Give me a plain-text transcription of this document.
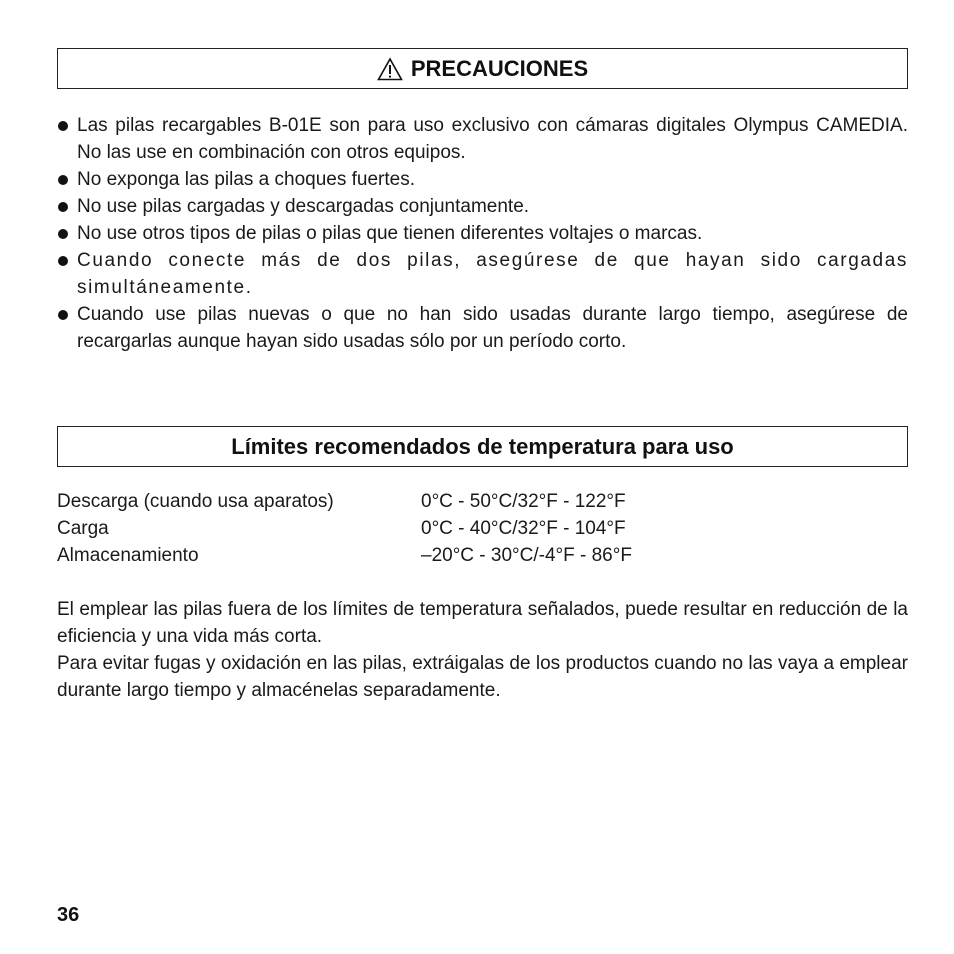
PRECAUCIONES
Las pilas recargables B-01E son para uso exclusivo con cámaras digitales Olympus CAMEDIA. No las use en combinación con otros equipos.
No exponga las pilas a choques fuertes.
No use pilas cargadas y descargadas conjuntamente.
No use otros tipos de pilas o pilas que tienen diferentes voltajes o marcas.
Cuando conecte más de dos pilas, asegúrese de que hayan sido cargadas simultáneamente.
Cuando use pilas nuevas o que no han sido usadas durante largo tiempo, asegúrese de recargarlas aunque hayan sido usadas sólo por un período corto.
Límites recomendados de temperatura para uso
Descarga (cuando usa aparatos)	0°C - 50°C/32°F - 122°F
Carga	0°C - 40°C/32°F - 104°F
Almacenamiento	–20°C - 30°C/-4°F - 86°F

El emplear las pilas fuera de los límites de temperatura señalados, puede resultar en reducción de la eficiencia y una vida más corta.

Para evitar fugas y oxidación en las pilas, extráigalas de los productos cuando no las vaya a emplear durante largo tiempo y almacénelas separadamente.

36
